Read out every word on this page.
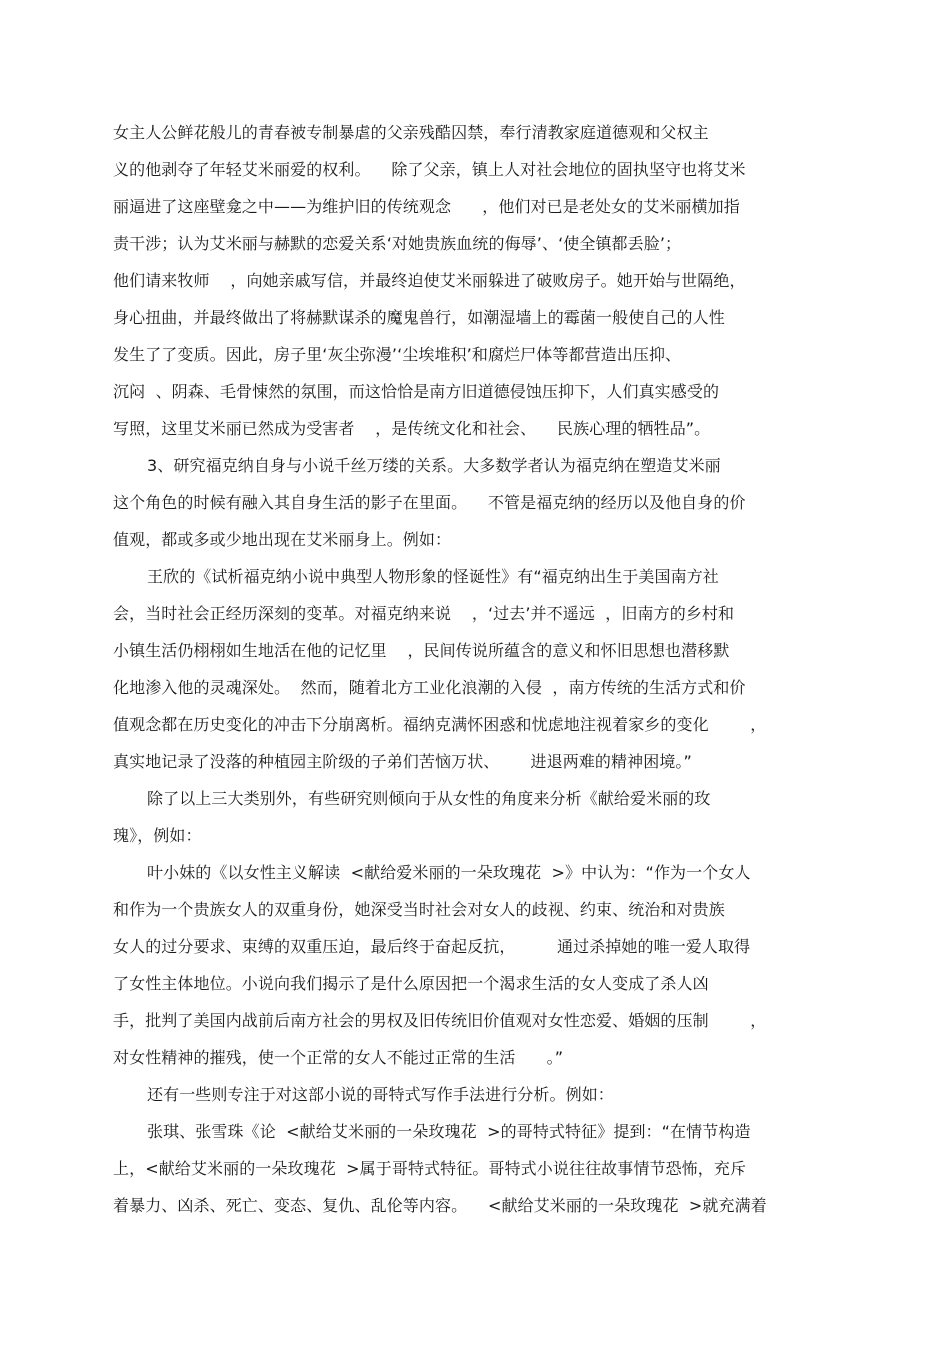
女主人公鲜花般儿的青春被专制暴虐的父亲残酷囚禁，奉行清教家庭道德观和父权主
义的他剥夺了年轻艾米丽爱的权利。    除了父亲，镇上人对社会地位的固执坚守也将艾米
丽逼进了这座壁龛之中——为维护旧的传统观念      ，他们对已是老处女的艾米丽横加指
责干涉；认为艾米丽与赫默的恋爱关系‘对她贵族血统的侮辱’、‘使全镇都丢脸’；
他们请来牧师    ，向她亲戚写信，并最终迫使艾米丽躲进了破败房子。她开始与世隔绝，
身心扭曲，并最终做出了将赫默谋杀的魔鬼兽行，如潮湿墙上的霉菌一般使自己的人性
发生了了变质。因此，房子里‘灰尘弥漫’‘尘埃堆积’和腐烂尸体等都营造出压抑、
沉闷  、阴森、毛骨悚然的氛围，而这恰恰是南方旧道德侵蚀压抑下，人们真实感受的
写照，这里艾米丽已然成为受害者    ，是传统文化和社会、    民族心理的牺牲品”。
3、研究福克纳自身与小说千丝万缕的关系。大多数学者认为福克纳在塑造艾米丽
这个角色的时候有融入其自身生活的影子在里面。    不管是福克纳的经历以及他自身的价
值观，都或多或少地出现在艾米丽身上。例如：
王欣的《试析福克纳小说中典型人物形象的怪诞性》有“福克纳出生于美国南方社
会，当时社会正经历深刻的变革。对福克纳来说    ，‘过去’并不遥远  ，旧南方的乡村和
小镇生活仍栩栩如生地活在他的记忆里    ，民间传说所蕴含的意义和怀旧思想也潜移默
化地渗入他的灵魂深处。  然而，随着北方工业化浪潮的入侵  ，南方传统的生活方式和价
值观念都在历史变化的冲击下分崩离析。福纳克满怀困惑和忧虑地注视着家乡的变化        ，
真实地记录了没落的种植园主阶级的子弟们苦恼万状、      进退两难的精神困境。”
除了以上三大类别外，有些研究则倾向于从女性的角度来分析《献给爱米丽的玫
瑰》，例如：
叶小妹的《以女性主义解读  <献给爱米丽的一朵玫瑰花  >》中认为：“作为一个女人
和作为一个贵族女人的双重身份，她深受当时社会对女人的歧视、约束、统治和对贵族
女人的过分要求、束缚的双重压迫，最后终于奋起反抗，        通过杀掉她的唯一爱人取得
了女性主体地位。小说向我们揭示了是什么原因把一个渴求生活的女人变成了杀人凶
手，批判了美国内战前后南方社会的男权及旧传统旧价值观对女性恋爱、婚姻的压制        ，
对女性精神的摧残，使一个正常的女人不能过正常的生活      。”
还有一些则专注于对这部小说的哥特式写作手法进行分析。例如：
张琪、张雪珠《论  <献给艾米丽的一朵玫瑰花  >的哥特式特征》提到：“在情节构造
上，<献给艾米丽的一朵玫瑰花  >属于哥特式特征。哥特式小说往往故事情节恐怖，充斥
着暴力、凶杀、死亡、变态、复仇、乱伦等内容。    <献给艾米丽的一朵玫瑰花  >就充满着
